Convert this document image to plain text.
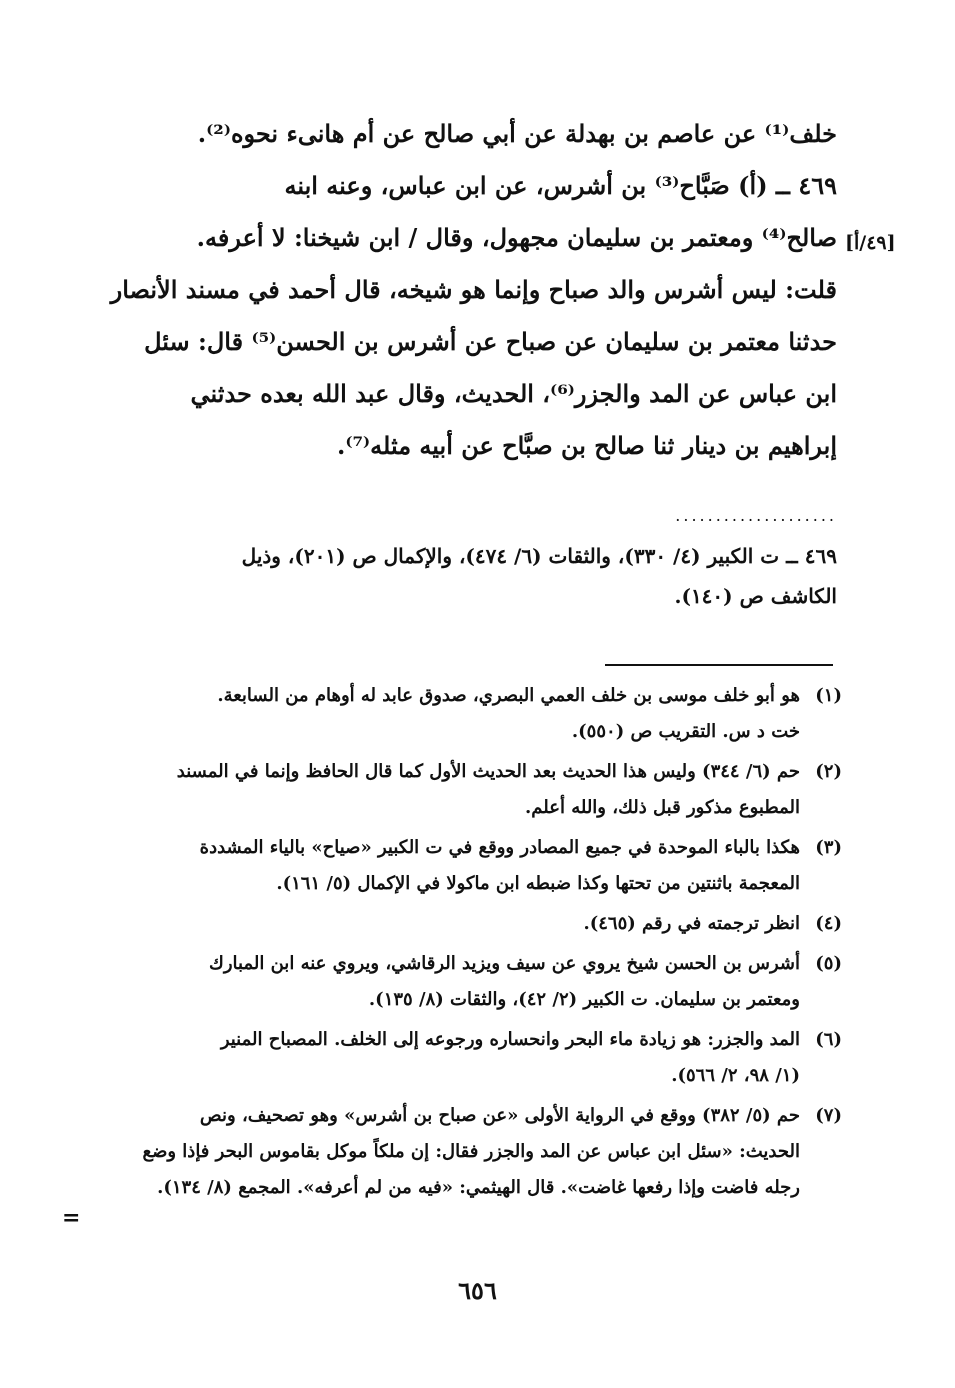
خلف⁽¹⁾ عن عاصم بن بهدلة عن أبي صالح عن أم هانىء نحوه⁽²⁾.
٤٦٩ ــ (أ) صَبَّاح⁽³⁾ بن أشرس، عن ابن عباس، وعنه ابنه
صالح⁽⁴⁾ ومعتمر بن سليمان مجهول، وقال / ابن شيخنا: لا أعرفه.
قلت: ليس أشرس والد صباح وإنما هو شيخه، قال أحمد في مسند الأنصار
حدثنا معتمر بن سليمان عن صباح عن أشرس بن الحسن⁽⁵⁾ قال: سئل
ابن عباس عن المد والجزر⁽⁶⁾، الحديث، وقال عبد الله بعده حدثني
إبراهيم بن دينار ثنا صالح بن صبَّاح عن أبيه مثله⁽⁷⁾.
[٤٩/أ]
....................
٤٦٩ ــ ت الكبير (٤/ ٣٣٠)، والثقات (٦/ ٤٧٤)، والإكمال ص (٢٠١)، وذيل
الكاشف ص (١٤٠).
(١)
هو أبو خلف موسى بن خلف العمي البصري، صدوق عابد له أوهام من السابعة.
خت د س. التقريب ص (٥٥٠).
(٢)
حم (٦/ ٣٤٤) وليس هذا الحديث بعد الحديث الأول كما قال الحافظ وإنما في المسند
المطبوع مذكور قبل ذلك، والله أعلم.
(٣)
هكذا بالباء الموحدة في جميع المصادر ووقع في ت الكبير «صياح» بالياء المشددة
المعجمة باثنتين من تحتها وكذا ضبطه ابن ماكولا في الإكمال (٥/ ١٦١).
(٤)
انظر ترجمته في رقم (٤٦٥).
(٥)
أشرس بن الحسن شيخ يروي عن سيف ويزيد الرقاشي، ويروي عنه ابن المبارك
ومعتمر بن سليمان. ت الكبير (٢/ ٤٢)، والثقات (٨/ ١٣٥).
(٦)
المد والجزر: هو زيادة ماء البحر وانحساره ورجوعه إلى الخلف. المصباح المنير
(١/ ٩٨، ٢/ ٥٦٦).
(٧)
حم (٥/ ٣٨٢) ووقع في الرواية الأولى «عن صباح بن أشرس» وهو تصحيف، ونص
الحديث: «سئل ابن عباس عن المد والجزر فقال: إن ملكاً موكل بقاموس البحر فإذا وضع
رجله فاضت وإذا رفعها غاضت». قال الهيثمي: «فيه من لم أعرفه». المجمع (٨/ ١٣٤).
=
٦٥٦
